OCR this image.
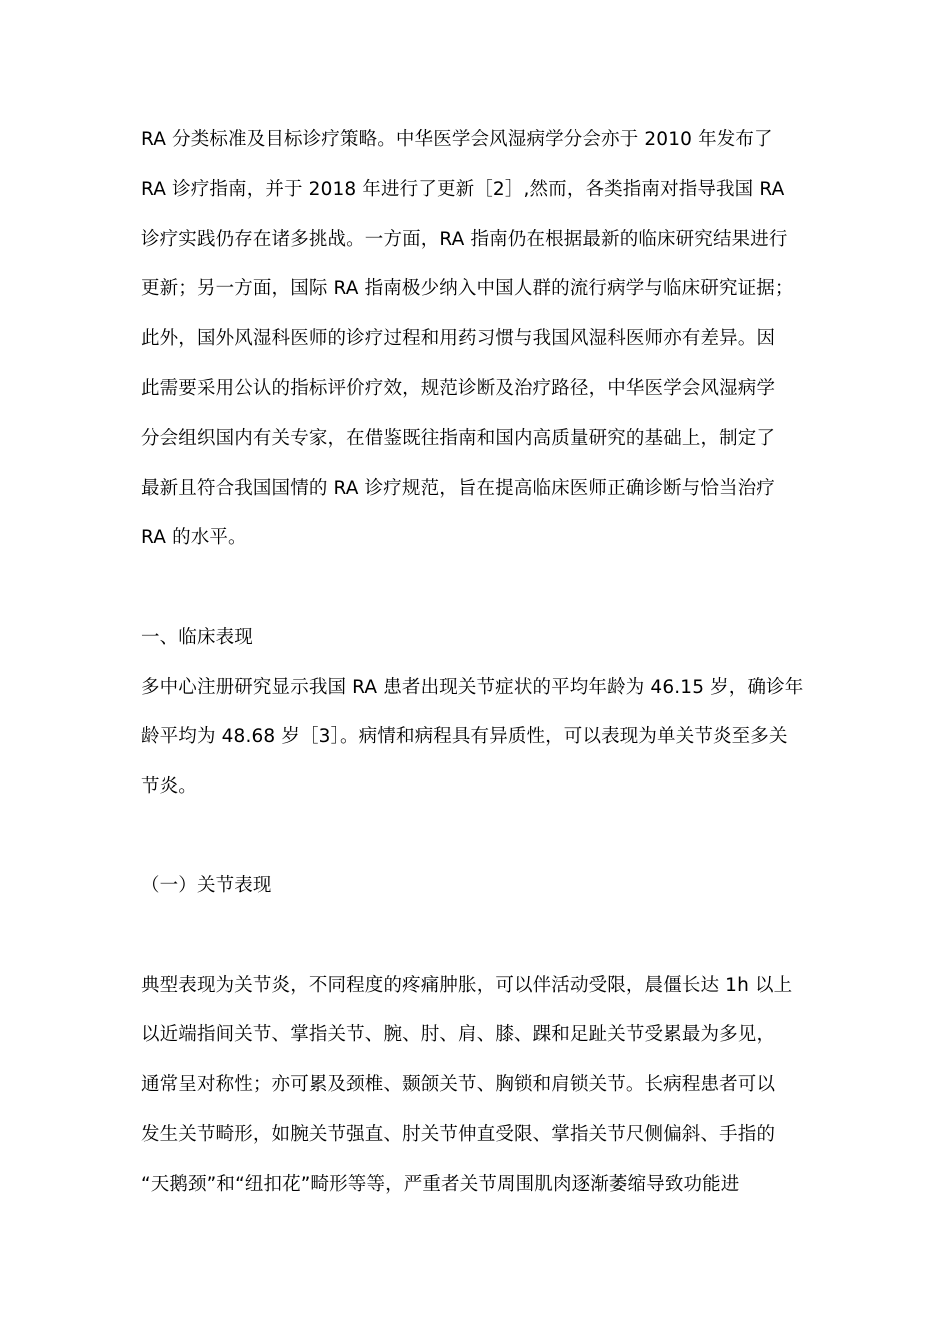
RA 分类标准及目标诊疗策略。中华医学会风湿病学分会亦于 2010 年发布了
RA 诊疗指南，并于 2018 年进行了更新［2］,然而，各类指南对指导我国 RA
诊疗实践仍存在诸多挑战。一方面，RA 指南仍在根据最新的临床研究结果进行
更新；另一方面，国际 RA 指南极少纳入中国人群的流行病学与临床研究证据；
此外，国外风湿科医师的诊疗过程和用药习惯与我国风湿科医师亦有差异。因
此需要采用公认的指标评价疗效，规范诊断及治疗路径，中华医学会风湿病学
分会组织国内有关专家，在借鉴既往指南和国内高质量研究的基础上，制定了
最新且符合我国国情的 RA 诊疗规范，旨在提高临床医师正确诊断与恰当治疗
RA 的水平。
一、临床表现
多中心注册研究显示我国 RA 患者出现关节症状的平均年龄为 46.15 岁，确诊年
龄平均为 48.68 岁［3］。病情和病程具有异质性，可以表现为单关节炎至多关
节炎。
（一）关节表现
典型表现为关节炎，不同程度的疼痛肿胀，可以伴活动受限，晨僵长达 1h 以上
以近端指间关节、掌指关节、腕、肘、肩、膝、踝和足趾关节受累最为多见，
通常呈对称性；亦可累及颈椎、颞颌关节、胸锁和肩锁关节。长病程患者可以
发生关节畸形，如腕关节强直、肘关节伸直受限、掌指关节尺侧偏斜、手指的
“天鹅颈”和“纽扣花”畸形等等，严重者关节周围肌肉逐渐萎缩导致功能进
